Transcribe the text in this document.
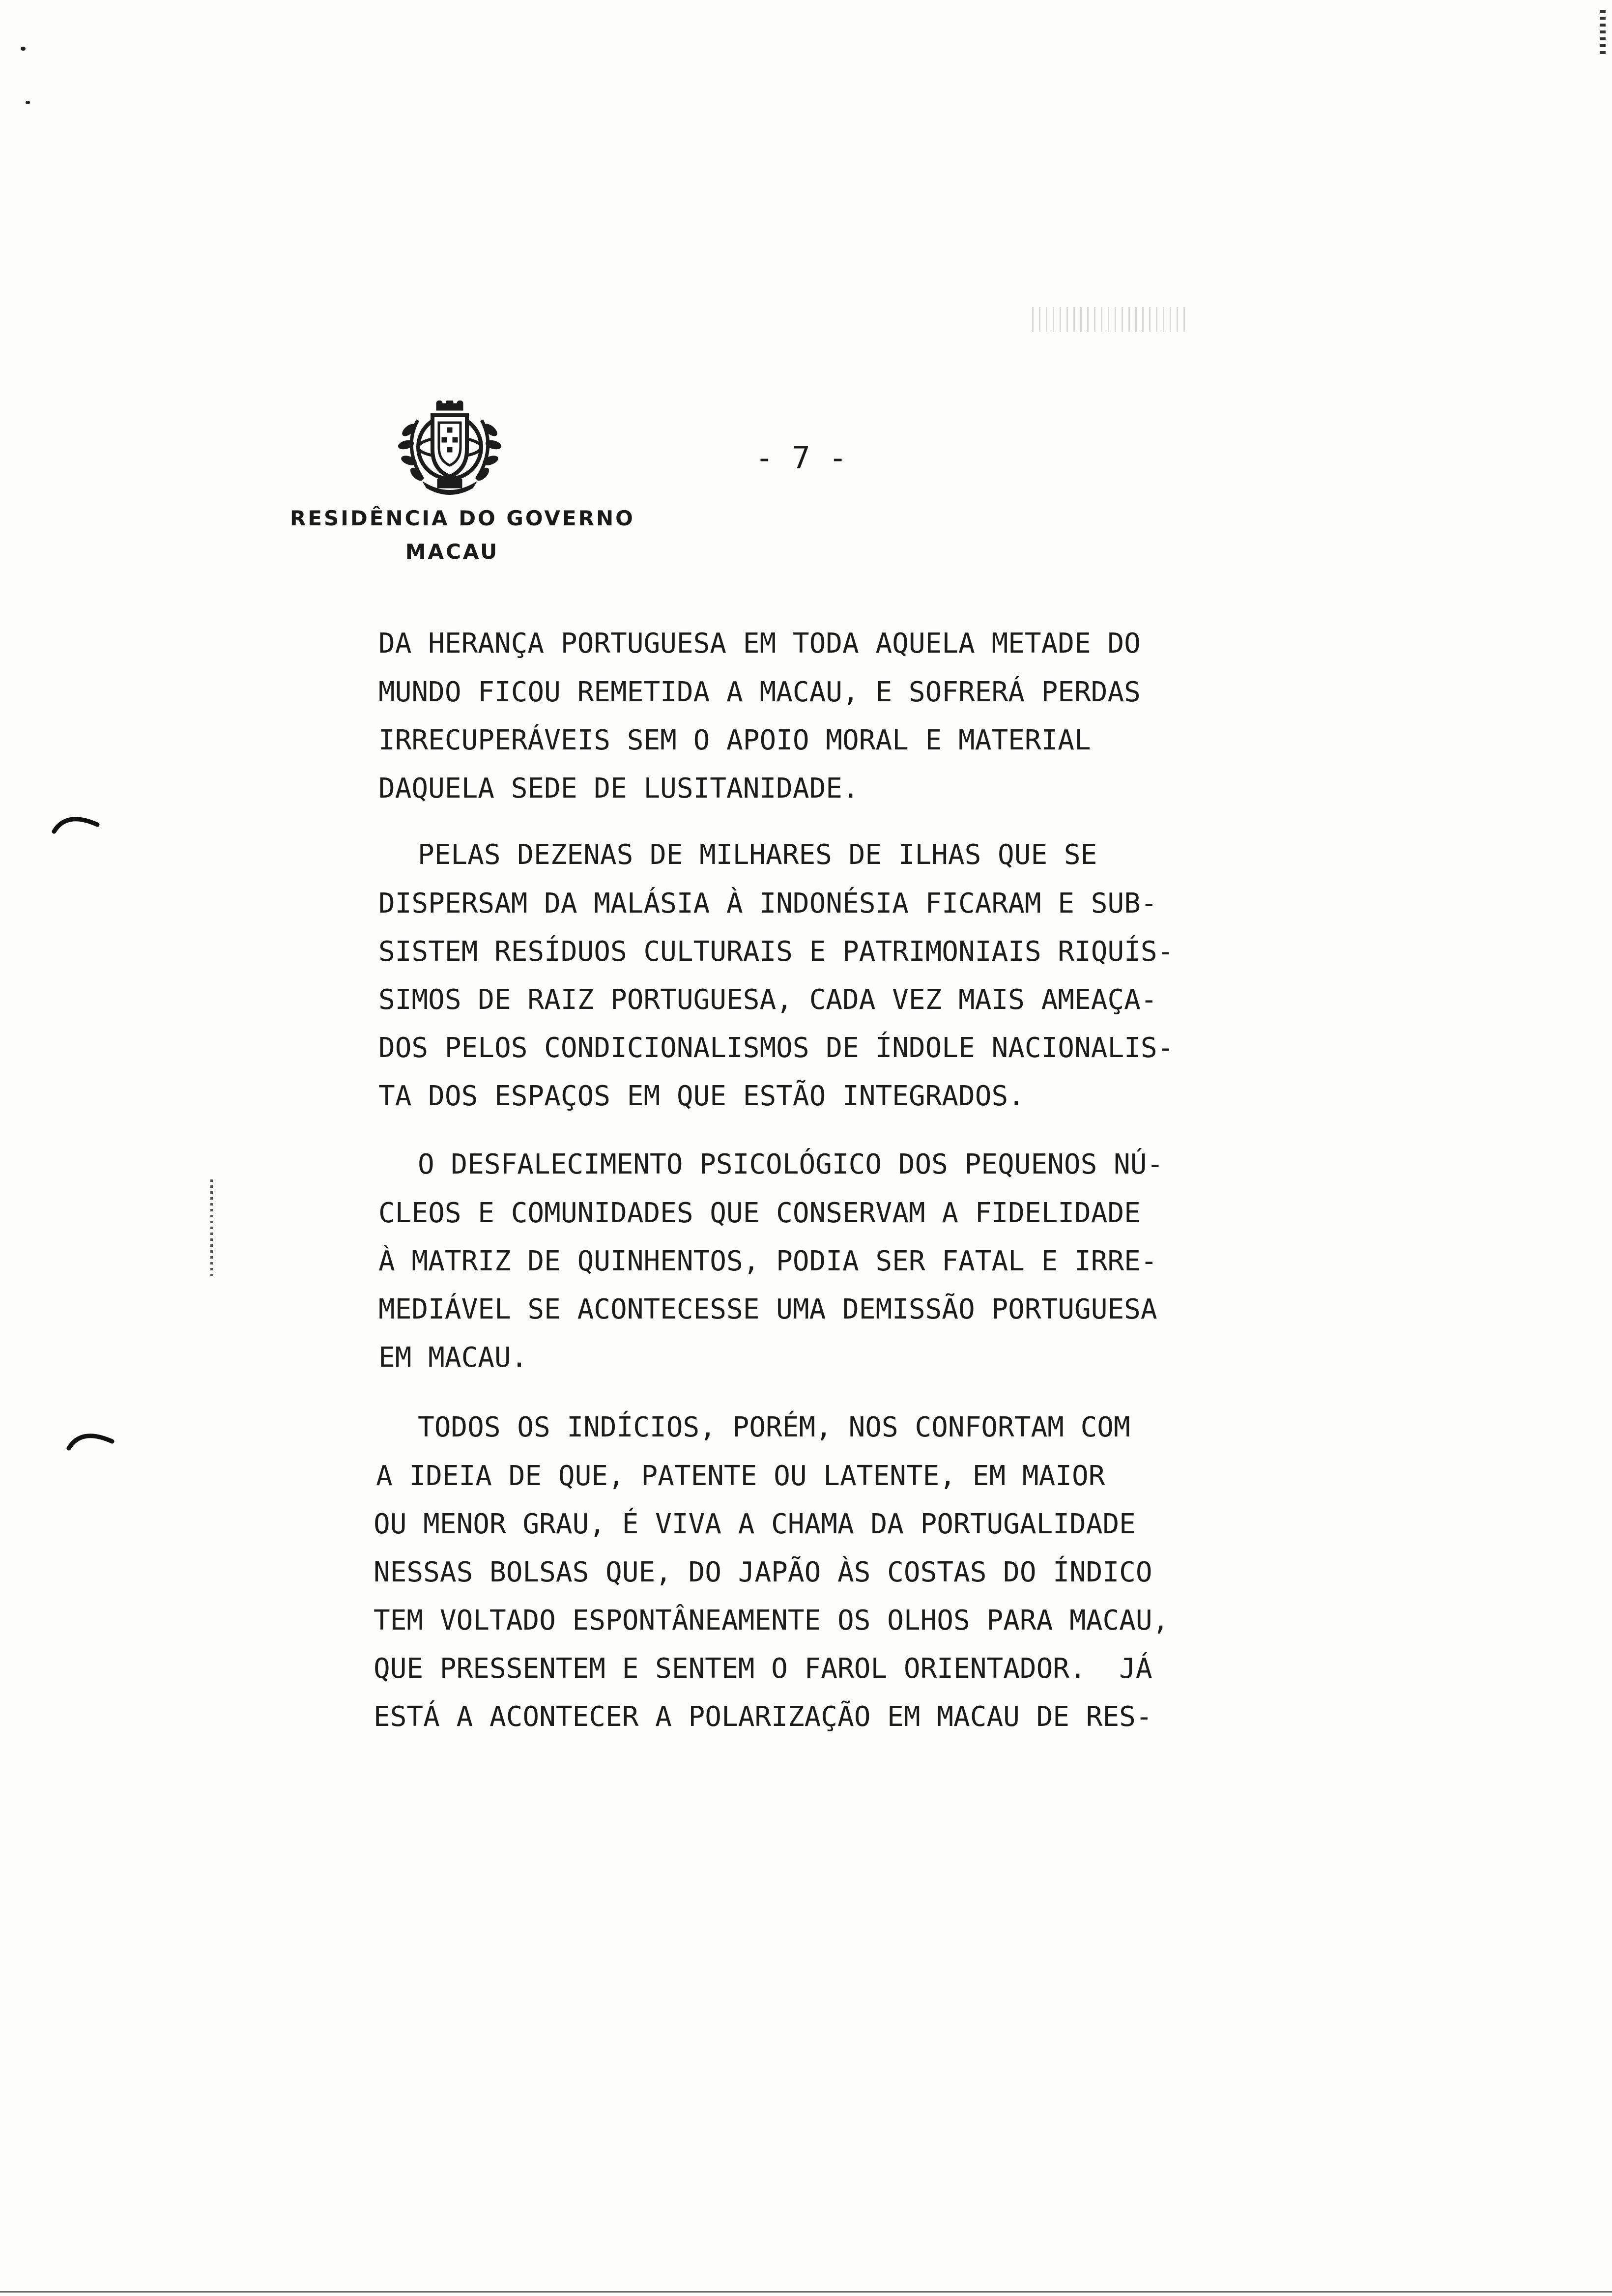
RESIDÊNCIA DO GOVERNO
MACAU
- 7 -
DA HERANÇA PORTUGUESA EM TODA AQUELA METADE DO
MUNDO FICOU REMETIDA A MACAU, E SOFRERÁ PERDAS
IRRECUPERÁVEIS SEM O APOIO MORAL E MATERIAL
DAQUELA SEDE DE LUSITANIDADE.
PELAS DEZENAS DE MILHARES DE ILHAS QUE SE
DISPERSAM DA MALÁSIA À INDONÉSIA FICARAM E SUB-
SISTEM RESÍDUOS CULTURAIS E PATRIMONIAIS RIQUÍS-
SIMOS DE RAIZ PORTUGUESA, CADA VEZ MAIS AMEAÇA-
DOS PELOS CONDICIONALISMOS DE ÍNDOLE NACIONALIS-
TA DOS ESPAÇOS EM QUE ESTÃO INTEGRADOS.
O DESFALECIMENTO PSICOLÓGICO DOS PEQUENOS NÚ-
CLEOS E COMUNIDADES QUE CONSERVAM A FIDELIDADE
À MATRIZ DE QUINHENTOS, PODIA SER FATAL E IRRE-
MEDIÁVEL SE ACONTECESSE UMA DEMISSÃO PORTUGUESA
EM MACAU.
TODOS OS INDÍCIOS, PORÉM, NOS CONFORTAM COM
A IDEIA DE QUE, PATENTE OU LATENTE, EM MAIOR
OU MENOR GRAU, É VIVA A CHAMA DA PORTUGALIDADE
NESSAS BOLSAS QUE, DO JAPÃO ÀS COSTAS DO ÍNDICO
TEM VOLTADO ESPONTÂNEAMENTE OS OLHOS PARA MACAU,
QUE PRESSENTEM E SENTEM O FAROL ORIENTADOR.  JÁ
ESTÁ A ACONTECER A POLARIZAÇÃO EM MACAU DE RES-
